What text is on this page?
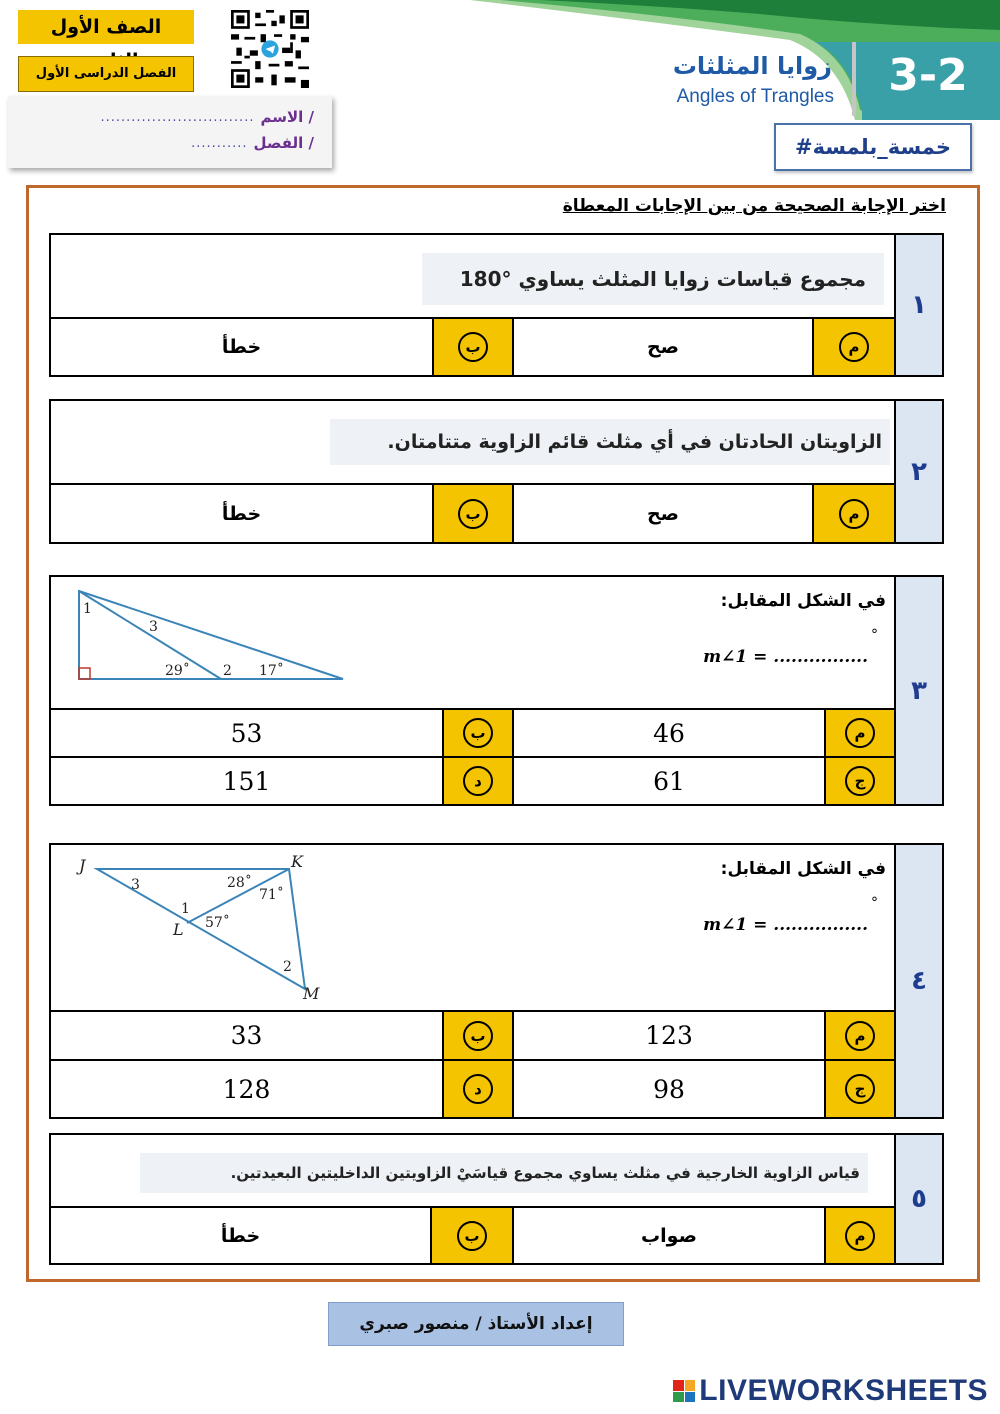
الصف الأول
الفصل الدراسى الأول
.............................. الاسم /
........... الفصل /
3-2
زوايا المثلثات
Angles of Trangles
#خمسة_بلمسة
اختر الإجابة الصحيحة من بين الإجابات المعطاة
١
مجموع قياسات زوايا المثلث يساوي °180
م
صح
ب
خطأ
٢
الزاويتان الحادتان في أي مثلث قائم الزاوية متتامتان.
م
صح
ب
خطأ
٣
في الشكل المقابل:
m∠1 = ................
°
1
3
29˚ 2 17˚
م
46
ب
53
ج
61
د
151
٤
في الشكل المقابل:
m∠1 = ................
°
J	K
L
M
3	28˚
71˚
1
57˚
2
م
123
ب
33
ج
98
د
128
٥
قياس الزاوية الخارجية في مثلث يساوي مجموع قياسَيْ الزاويتين الداخليتين البعيدتين.
م
صواب
ب
خطأ
إعداد الأستاذ / منصور صبري
LIVEWORKSHEETS
